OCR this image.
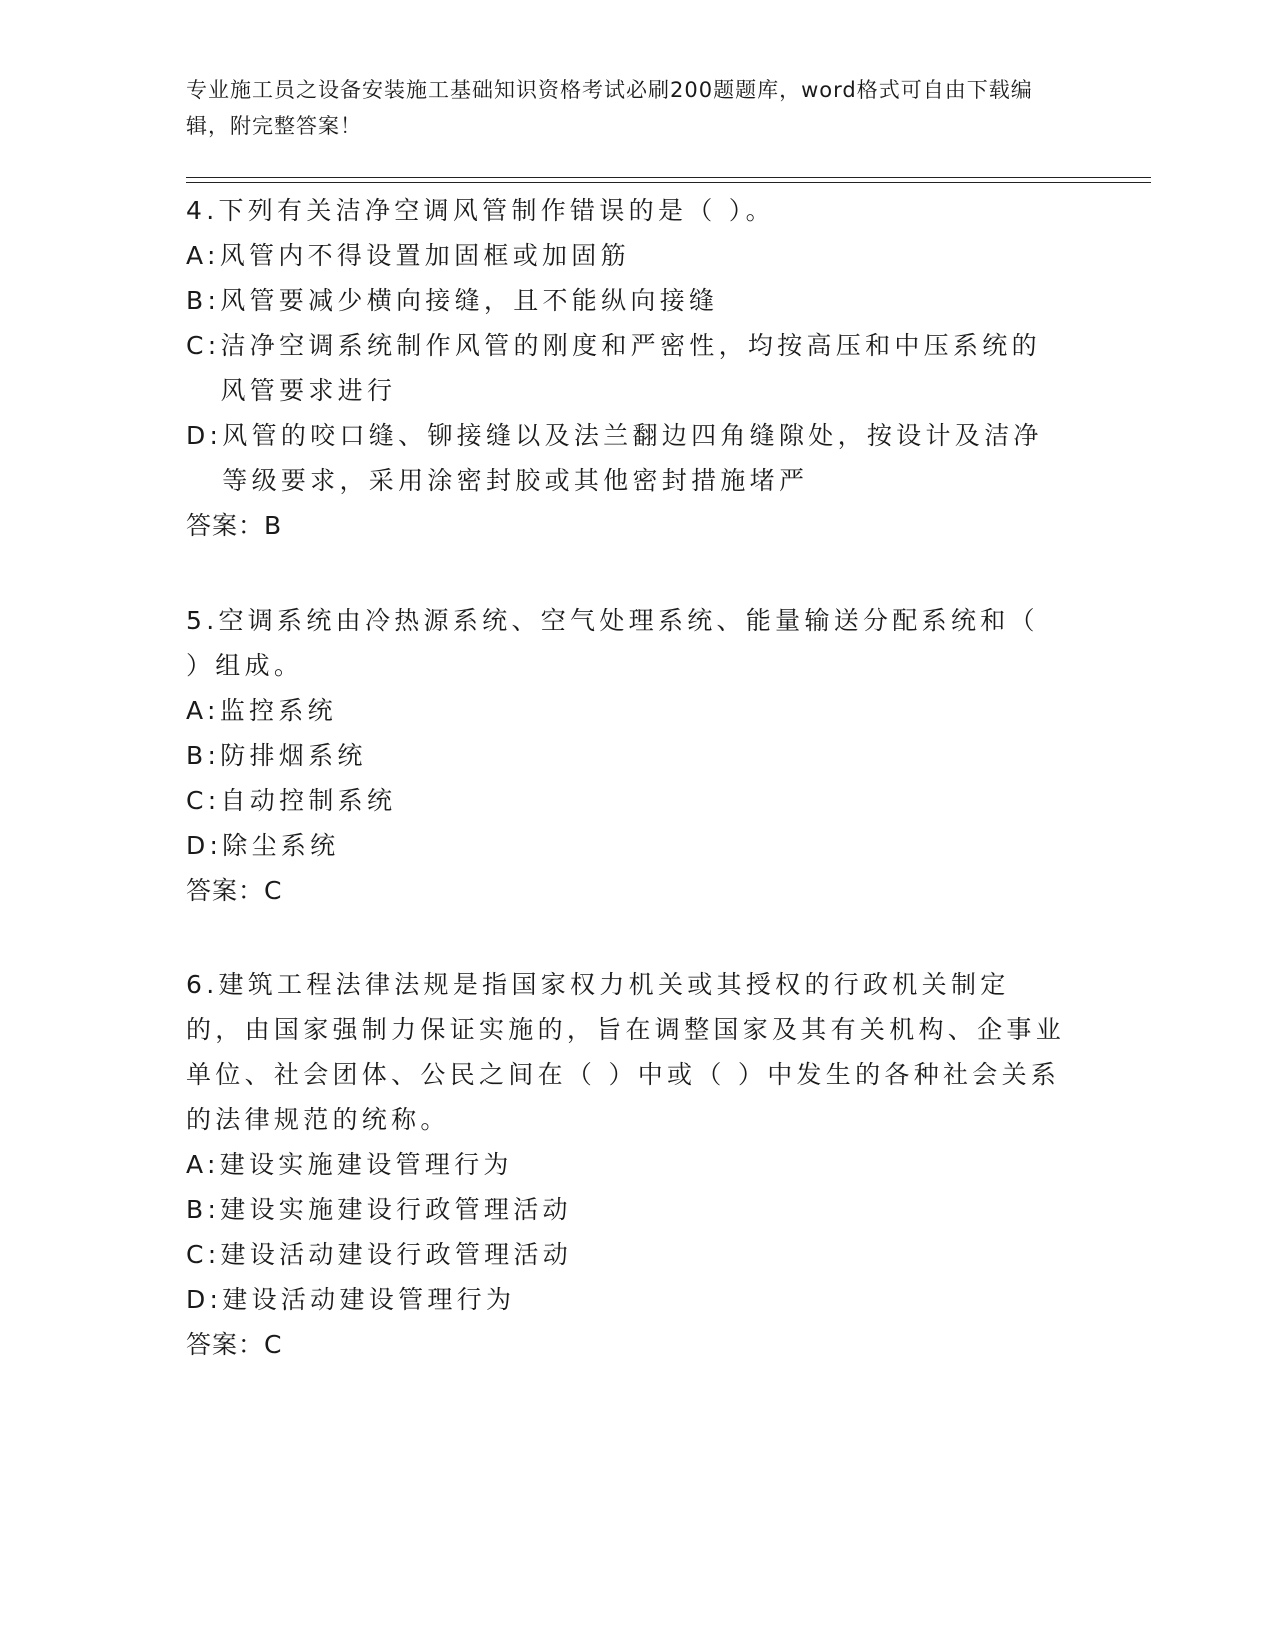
专业施工员之设备安装施工基础知识资格考试必刷200题题库，word格式可自由下载编辑，附完整答案！

4.下列有关洁净空调风管制作错误的是（ ）。

A: 风管内不得设置加固框或加固筋

B: 风管要减少横向接缝，且不能纵向接缝

C: 洁净空调系统制作风管的刚度和严密性，均按高压和中压系统的风管要求进行

D: 风管的咬口缝、铆接缝以及法兰翻边四角缝隙处，按设计及洁净等级要求，采用涂密封胶或其他密封措施堵严

答案：B

5.空调系统由冷热源系统、空气处理系统、能量输送分配系统和（ ）组成。

A: 监控系统

B: 防排烟系统

C: 自动控制系统

D: 除尘系统

答案：C

6.建筑工程法律法规是指国家权力机关或其授权的行政机关制定的，由国家强制力保证实施的，旨在调整国家及其有关机构、企事业单位、社会团体、公民之间在（ ）中或（ ）中发生的各种社会关系的法律规范的统称。

A: 建设实施建设管理行为

B: 建设实施建设行政管理活动

C: 建设活动建设行政管理活动

D: 建设活动建设管理行为

答案：C
